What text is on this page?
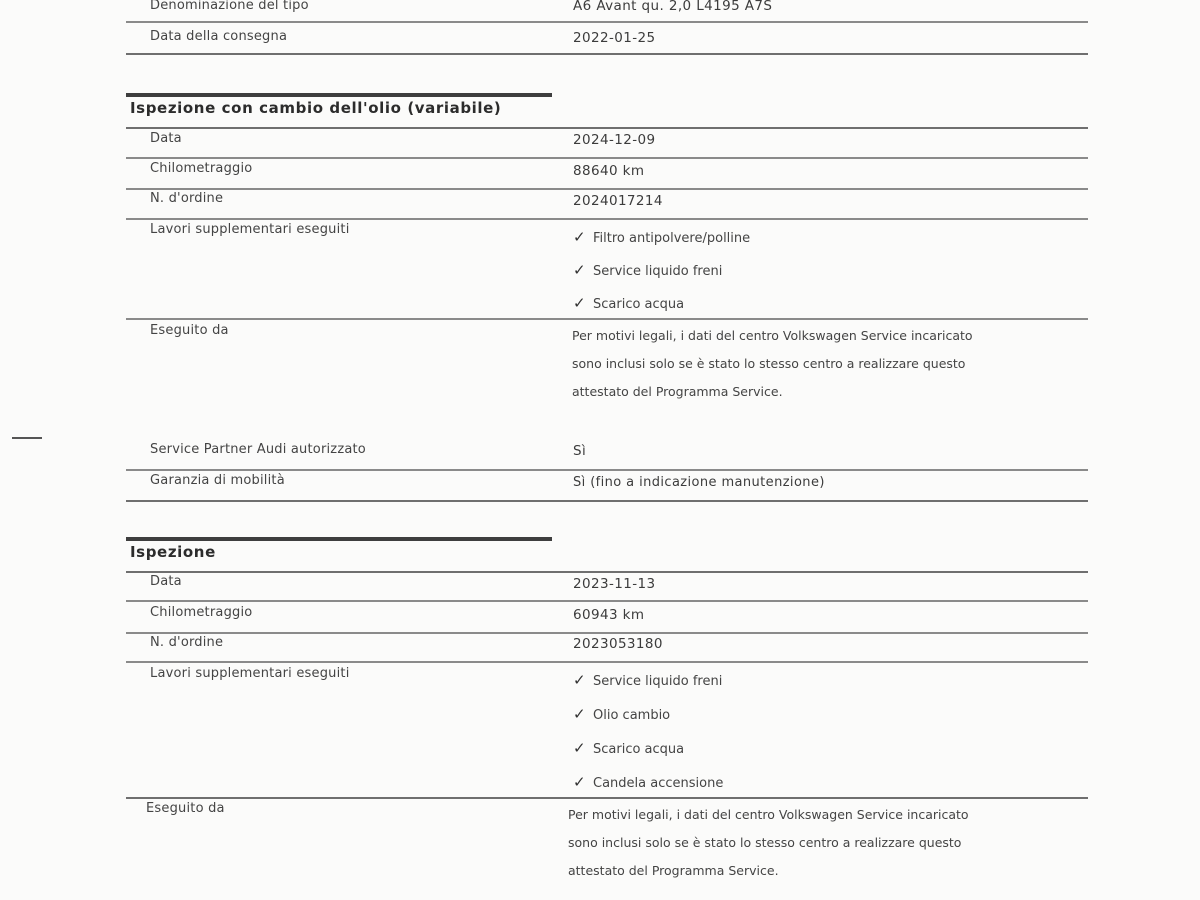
Denominazione del tipo	A6 Avant qu. 2,0 L4195 A7S
Data della consegna	2022-01-25
Ispezione con cambio dell'olio (variabile)
Data	2024-12-09
Chilometraggio	88640 km
N. d'ordine	2024017214
Lavori supplementari eseguiti	✓ Filtro antipolvere/polline
✓ Service liquido freni
✓ Scarico acqua
Eseguito da	Per motivi legali, i dati del centro Volkswagen Service incaricato
sono inclusi solo se è stato lo stesso centro a realizzare questo
attestato del Programma Service.
Service Partner Audi autorizzato	Sì
Garanzia di mobilità	Sì (fino a indicazione manutenzione)
Ispezione
Data	2023-11-13
Chilometraggio	60943 km
N. d'ordine	2023053180
Lavori supplementari eseguiti	✓ Service liquido freni
✓ Olio cambio
✓ Scarico acqua
✓ Candela accensione
Eseguito da	Per motivi legali, i dati del centro Volkswagen Service incaricato
sono inclusi solo se è stato lo stesso centro a realizzare questo
attestato del Programma Service.
